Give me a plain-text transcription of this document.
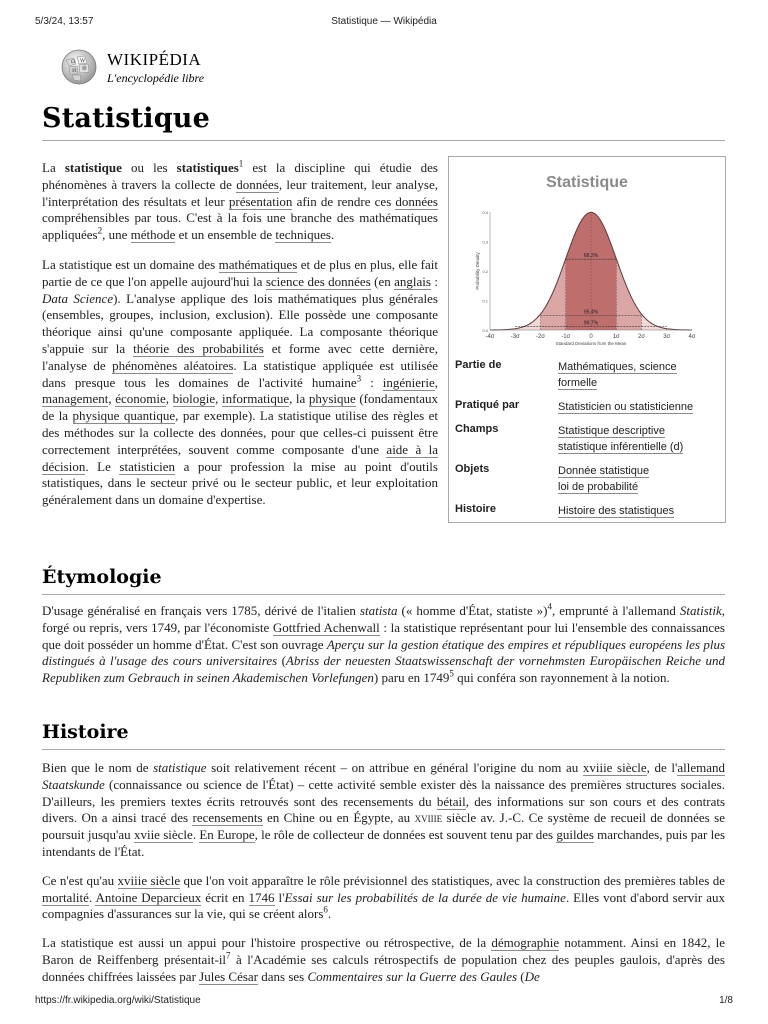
5/3/24, 13:57	Statistique — Wikipédia
Ω W
И 維 WIKIPÉDIA
L'encyclopédie libre
Statistique

La statistique ou les statistiques$^1$ est la discipline qui étudie des phénomènes à travers la collecte de données, leur traitement, leur analyse, l'interprétation des résultats et leur présentation afin de rendre ces données compréhensibles par tous. C'est à la fois une branche des mathématiques appliquées$^2$, une méthode et un ensemble de techniques.

La statistique est un domaine des mathématiques et de plus en plus, elle fait partie de ce que l'on appelle aujourd'hui la science des données (en anglais : Data Science). L'analyse applique des lois mathématiques plus générales (ensembles, groupes, inclusion, exclusion). Elle possède une composante théorique ainsi qu'une composante appliquée. La composante théorique s'appuie sur la théorie des probabilités et forme avec cette dernière, l'analyse de phénomènes aléatoires. La statistique appliquée est utilisée dans presque tous les domaines de l'activité humaine$^3$ : ingénierie, management, économie, biologie, informatique, la physique (fondamentaux de la physique quantique, par exemple). La statistique utilise des règles et des méthodes sur la collecte des données, pour que celles-ci puissent être correctement interprétées, souvent comme composante d'une aide à la décision. Le statisticien a pour profession la mise au point d'outils statistiques, dans le secteur privé ou le secteur public, et leur exploitation généralement dans un domaine d'expertise.

Statistique
68.2%
95.4%
99.7%
-4σ	-3σ	-2σ	-1σ	0	1σ	2σ	3σ	4σ
0.0
0.1
0.2
0.3
0.4
Standard Deviations from the Mean
Probability Density
Partie de	Mathématiques, science
formelle
Pratiqué par	Statisticien ou statisticienne
Champs	Statistique descriptive
statistique inférentielle (d)
Objets	Donnée statistique
loi de probabilité
Histoire	Histoire des statistiques
Étymologie

D'usage généralisé en français vers 1785, dérivé de l'italien statista (« homme d'État, statiste »)$^4$, emprunté à l'allemand Statistik, forgé ou repris, vers 1749, par l'économiste Gottfried Achenwall : la statistique représentant pour lui l'ensemble des connaissances que doit posséder un homme d'État. C'est son ouvrage Aperçu sur la gestion étatique des empires et républiques européens les plus distingués à l'usage des cours universitaires (Abriss der neuesten Staatswissenschaft der vornehmsten Europäischen Reiche und Republiken zum Gebrauch in seinen Akademischen Vorlefungen) paru en 1749$^5$ qui conféra son rayonnement à la notion.

Histoire

Bien que le nom de statistique soit relativement récent – on attribue en général l'origine du nom au xviiie siècle, de l'allemand Staatskunde (connaissance ou science de l'État) – cette activité semble exister dès la naissance des premières structures sociales. D'ailleurs, les premiers textes écrits retrouvés sont des recensements du bétail, des informations sur son cours et des contrats divers. On a ainsi tracé des recensements en Chine ou en Égypte, au xviiie siècle av. J.-C. Ce système de recueil de données se poursuit jusqu'au xviie siècle. En Europe, le rôle de collecteur de données est souvent tenu par des guildes marchandes, puis par les intendants de l'État.

Ce n'est qu'au xviiie siècle que l'on voit apparaître le rôle prévisionnel des statistiques, avec la construction des premières tables de mortalité. Antoine Deparcieux écrit en 1746 l'Essai sur les probabilités de la durée de vie humaine. Elles vont d'abord servir aux compagnies d'assurances sur la vie, qui se créent alors$^6$.

La statistique est aussi un appui pour l'histoire prospective ou rétrospective, de la démographie notamment. Ainsi en 1842, le Baron de Reiffenberg présentait-$il^7$ à l'Académie ses calculs rétrospectifs de population chez des peuples gaulois, d'après des données chiffrées laissées par Jules César dans ses Commentaires sur la Guerre des Gaules (De

https://fr.wikipedia.org/wiki/Statistique	1/8
